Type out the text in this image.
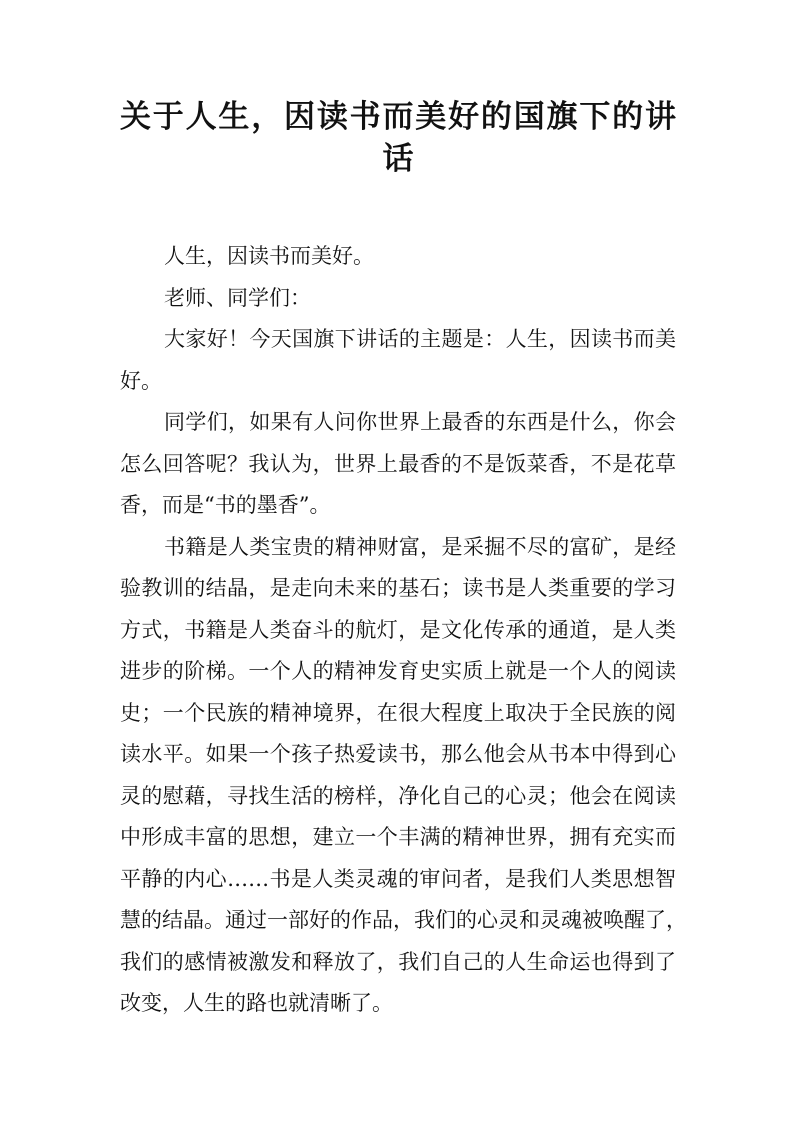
关于人生，因读书而美好的国旗下的讲
话
人生，因读书而美好。
老师、同学们：
大家好！今天国旗下讲话的主题是：人生，因读书而美
好。
同学们，如果有人问你世界上最香的东西是什么，你会
怎么回答呢？我认为，世界上最香的不是饭菜香，不是花草
香，而是“书的墨香”。
书籍是人类宝贵的精神财富，是采掘不尽的富矿，是经
验教训的结晶，是走向未来的基石；读书是人类重要的学习
方式，书籍是人类奋斗的航灯，是文化传承的通道，是人类
进步的阶梯。一个人的精神发育史实质上就是一个人的阅读
史；一个民族的精神境界，在很大程度上取决于全民族的阅
读水平。如果一个孩子热爱读书，那么他会从书本中得到心
灵的慰藉，寻找生活的榜样，净化自己的心灵；他会在阅读
中形成丰富的思想，建立一个丰满的精神世界，拥有充实而
平静的内心……书是人类灵魂的审问者，是我们人类思想智
慧的结晶。通过一部好的作品，我们的心灵和灵魂被唤醒了，
我们的感情被激发和释放了，我们自己的人生命运也得到了
改变，人生的路也就清晰了。
